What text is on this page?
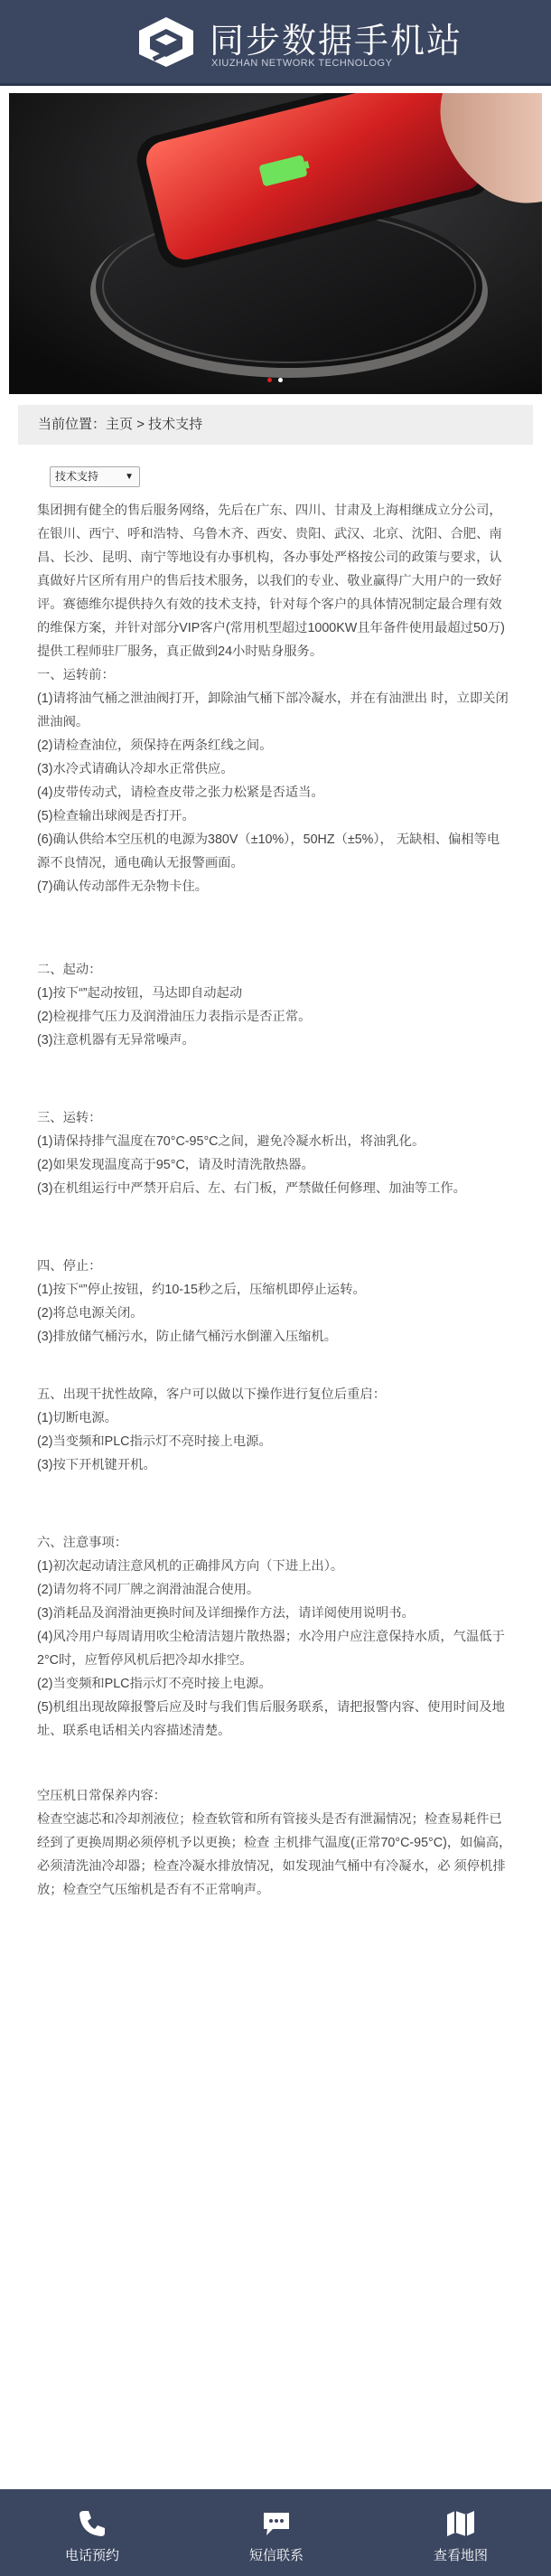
同步数据手机站
XIUZHAN NETWORK TECHNOLOGY
当前位置：主页 > 技术支持
技术支持	▼

集团拥有健全的售后服务网络，先后在广东、四川、甘肃及上海相继成立分公司，在银川、西宁、呼和浩特、乌鲁木齐、西安、贵阳、武汉、北京、沈阳、合肥、南昌、长沙、昆明、南宁等地设有办事机构，各办事处严格按公司的政策与要求，认真做好片区所有用户的售后技术服务，以我们的专业、敬业赢得广大用户的一致好评。赛德维尔提供持久有效的技术支持，针对每个客户的具体情况制定最合理有效的维保方案，并针对部分VIP客户(常用机型超过1000KW且年备件使用最超过50万)提供工程师驻厂服务，真正做到24小时贴身服务。

一、运转前：

(1)请将油气桶之泄油阀打开，卸除油气桶下部冷凝水，并在有油泄出 时，立即关闭泄油阀。

(2)请检查油位，须保持在两条红线之间。

(3)水冷式请确认冷却水正常供应。

(4)皮带传动式，请检查皮带之张力松紧是否适当。

(5)检查输出球阀是否打开。

(6)确认供给本空压机的电源为380V（±10%），50HZ（±5%）， 无缺相、偏相等电源不良情况，通电确认无报警画面。

(7)确认传动部件无杂物卡住。

二、起动：

(1)按下“”起动按钮，马达即自动起动

(2)检视排气压力及润滑油压力表指示是否正常。

(3)注意机器有无异常噪声。

三、运转：

(1)请保持排气温度在70°C-95°C之间，避免冷凝水析出，将油乳化。

(2)如果发现温度高于95°C，请及时清洗散热器。

(3)在机组运行中严禁开启后、左、右门板，严禁做任何修理、加油等工作。

四、停止：

(1)按下“”停止按钮，约10-15秒之后，压缩机即停止运转。

(2)将总电源关闭。

(3)排放储气桶污水，防止储气桶污水倒灌入压缩机。

五、出现干扰性故障，客户可以做以下操作进行复位后重启：

(1)切断电源。

(2)当变频和PLC指示灯不亮时接上电源。

(3)按下开机键开机。

六、注意事项：

(1)初次起动请注意风机的正确排风方向（下进上出）。

(2)请勿将不同厂牌之润滑油混合使用。

(3)消耗品及润滑油更换时间及详细操作方法，请详阅使用说明书。

(4)风冷用户每周请用吹尘枪清洁翅片散热器；水冷用户应注意保持水质，气温低于2°C时，应暂停风机后把冷却水排空。

(2)当变频和PLC指示灯不亮时接上电源。

(5)机组出现故障报警后应及时与我们售后服务联系，请把报警内容、使用时间及地址、联系电话相关内容描述清楚。

空压机日常保养内容：

检查空滤芯和冷却剂液位；检查软管和所有管接头是否有泄漏情况；检查易耗件已经到了更换周期必须停机予以更换；检查 主机排气温度(正常70°C-95°C)，如偏高，必须清洗油冷却器；检查冷凝水排放情况，如发现油气桶中有冷凝水，必 须停机排放；检查空气压缩机是否有不正常响声。

电话预约	短信联系	查看地图
